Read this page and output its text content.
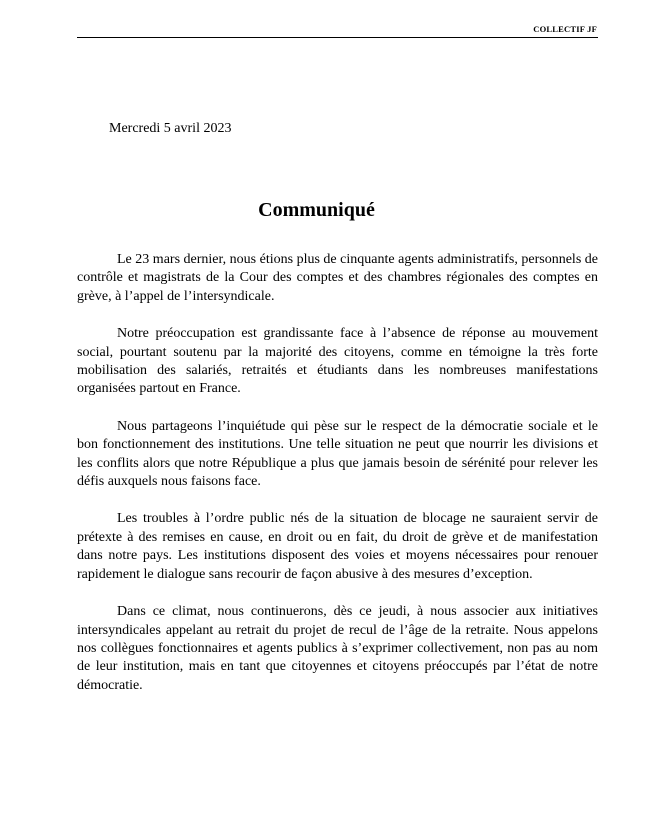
COLLECTIF JF
Mercredi 5 avril 2023
Communiqué

Le 23 mars dernier, nous étions plus de cinquante agents administratifs, personnels de contrôle et magistrats de la Cour des comptes et des chambres régionales des comptes en grève, à l’appel de l’intersyndicale.

Notre préoccupation est grandissante face à l’absence de réponse au mouvement social, pourtant soutenu par la majorité des citoyens, comme en témoigne la très forte mobilisation des salariés, retraités et étudiants dans les nombreuses manifestations organisées partout en France.

Nous partageons l’inquiétude qui pèse sur le respect de la démocratie sociale et le bon fonctionnement des institutions. Une telle situation ne peut que nourrir les divisions et les conflits alors que notre République a plus que jamais besoin de sérénité pour relever les défis auxquels nous faisons face.

Les troubles à l’ordre public nés de la situation de blocage ne sauraient servir de prétexte à des remises en cause, en droit ou en fait, du droit de grève et de manifestation dans notre pays. Les institutions disposent des voies et moyens nécessaires pour renouer rapidement le dialogue sans recourir de façon abusive à des mesures d’exception.

Dans ce climat, nous continuerons, dès ce jeudi, à nous associer aux initiatives intersyndicales appelant au retrait du projet de recul de l’âge de la retraite. Nous appelons nos collègues fonctionnaires et agents publics à s’exprimer collectivement, non pas au nom de leur institution, mais en tant que citoyennes et citoyens préoccupés par l’état de notre démocratie.
